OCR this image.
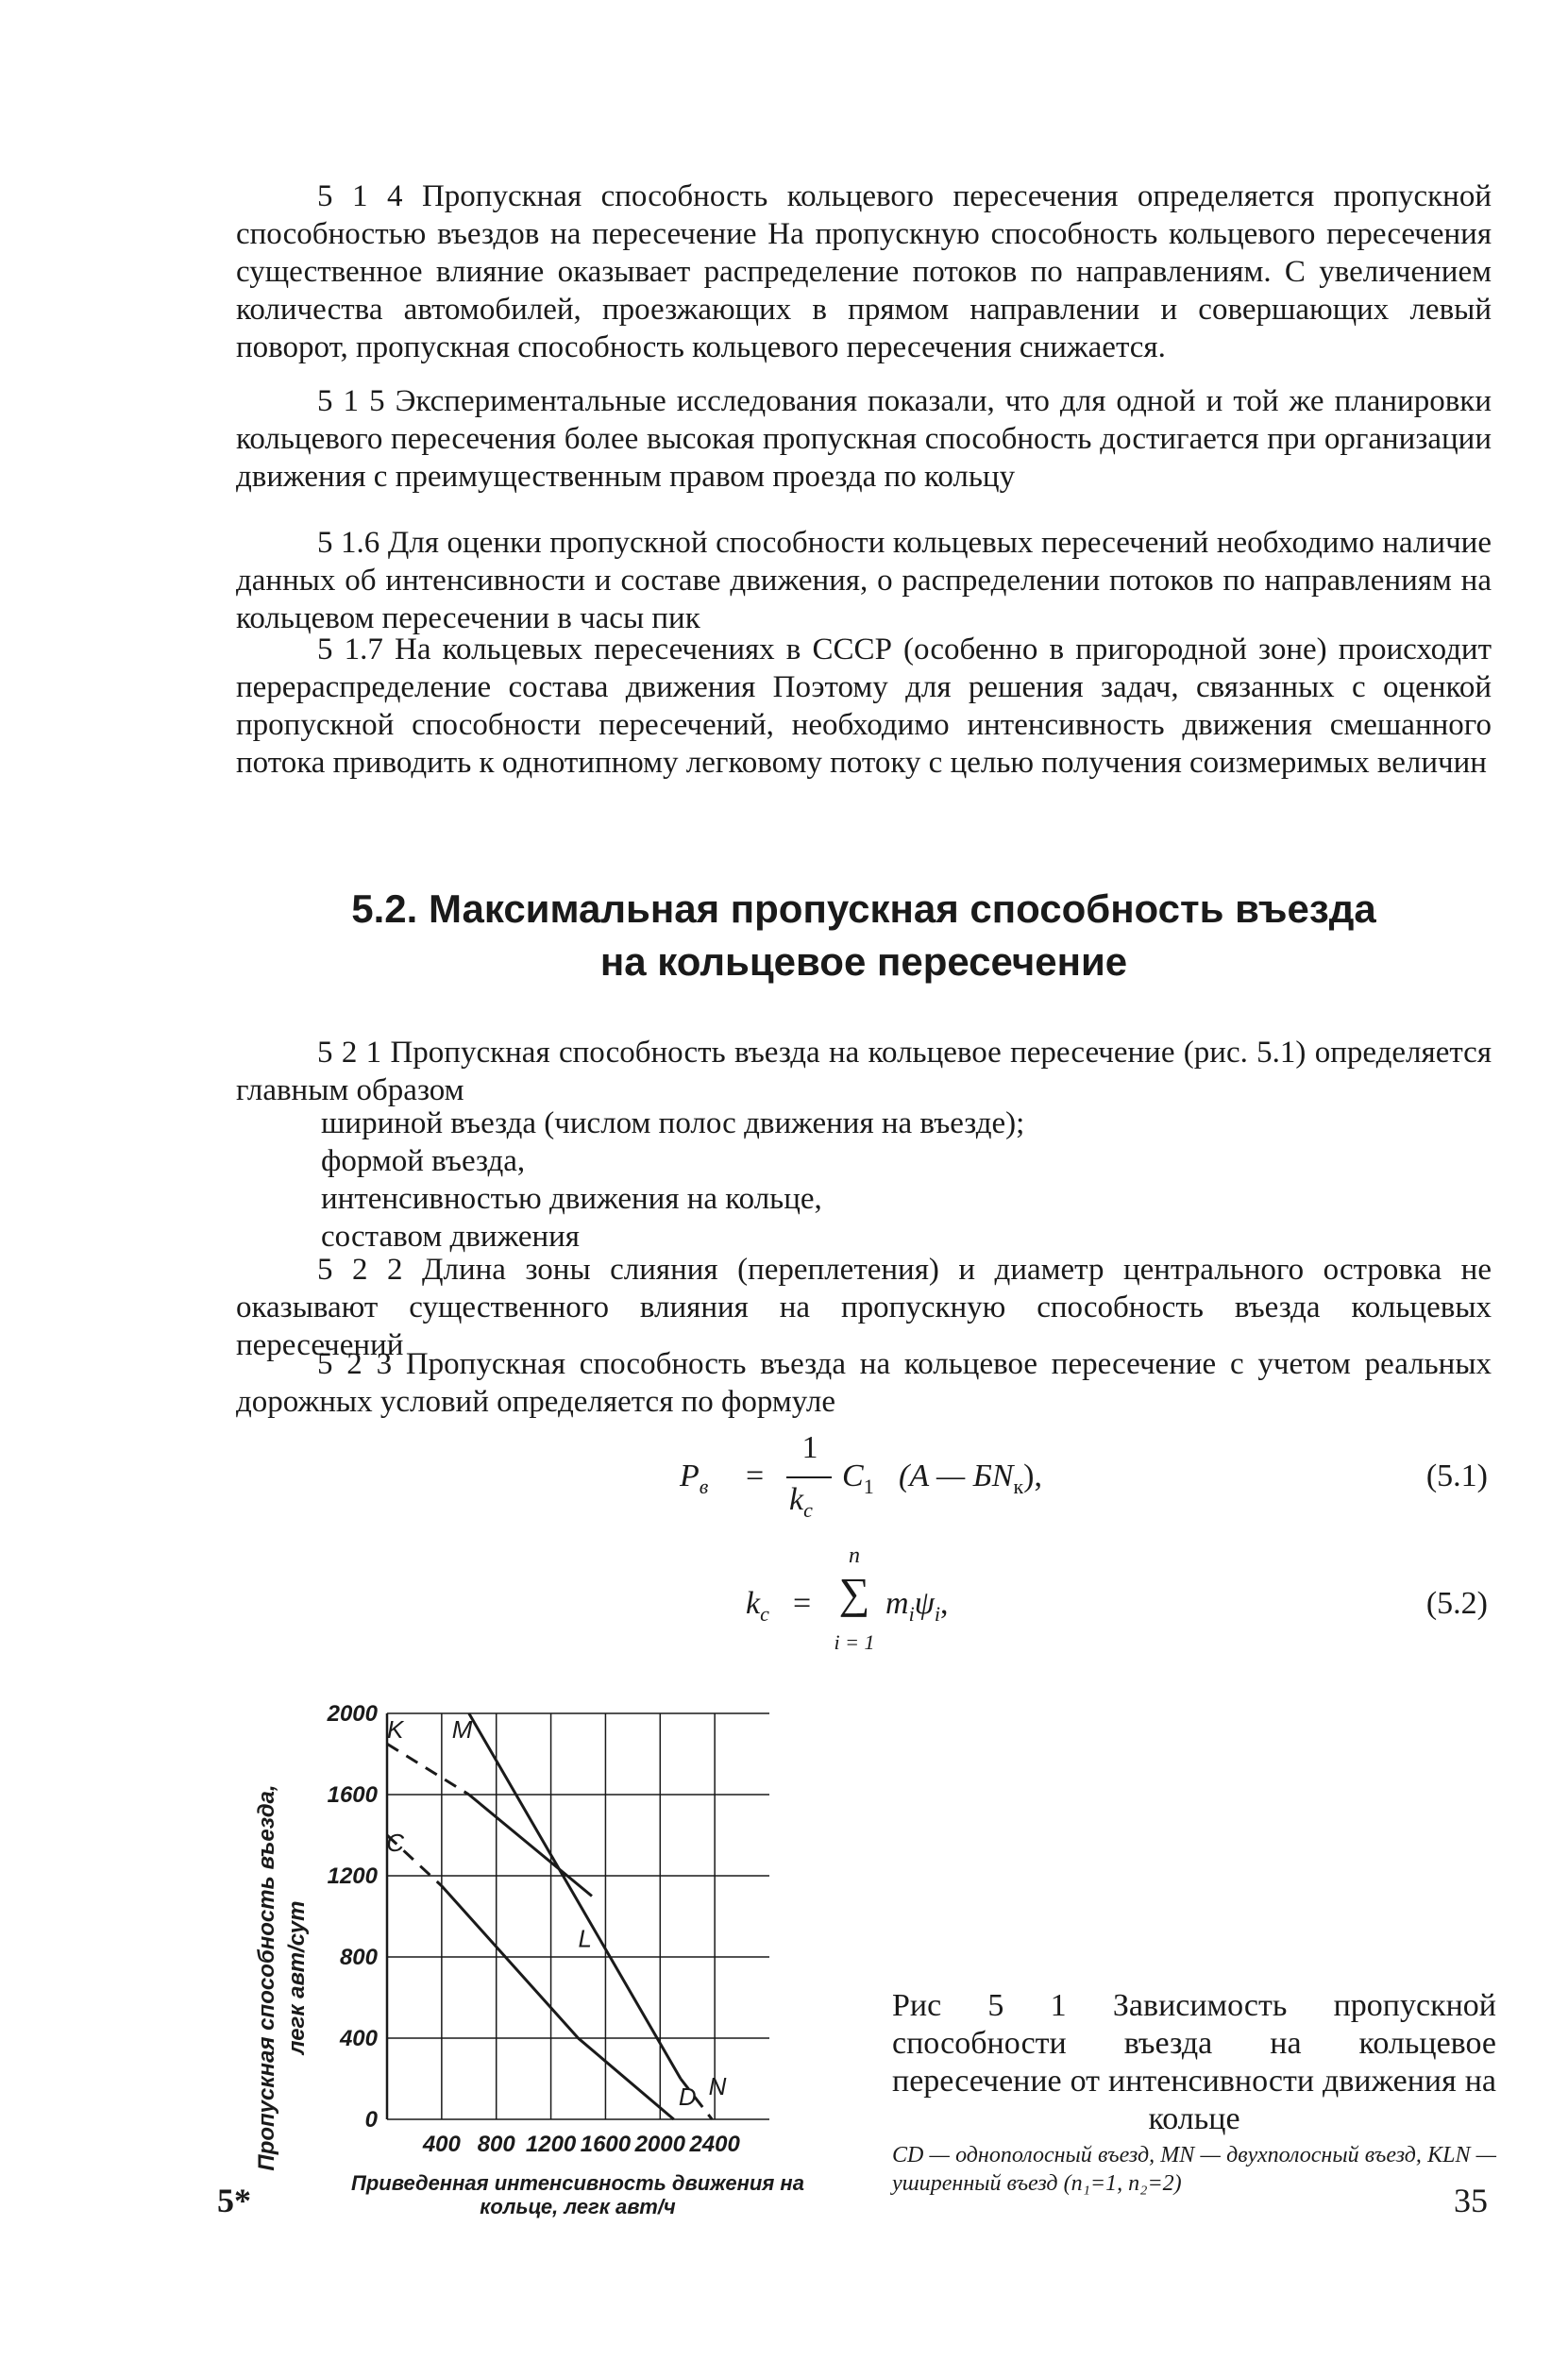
5 1 4 Пропускная способность кольцевого пересечения определяется пропускной способностью въездов на пересечение На пропускную способность кольцевого пересечения существенное влияние оказывает распределение потоков по направлениям. С увеличением количества автомобилей, проезжающих в прямом направлении и совершающих левый поворот, пропускная способность кольцевого пересечения снижается.

5 1 5 Экспериментальные исследования показали, что для одной и той же планировки кольцевого пересечения более высокая пропускная способность достигается при организации движения с преимущественным правом проезда по кольцу

5 1.6 Для оценки пропускной способности кольцевых пересечений необходимо наличие данных об интенсивности и составе движения, о распределении потоков по направлениям на кольцевом пересечении в часы пик

5 1.7 На кольцевых пересечениях в СССР (особенно в пригородной зоне) происходит перераспределение состава движения Поэтому для решения задач, связанных с оценкой пропускной способности пересечений, необходимо интенсивность движения смешанного потока приводить к однотипному легковому потоку с целью получения соизмеримых величин

5.2. Максимальная пропускная способность въезда
на кольцевое пересечение

5 2 1 Пропускная способность въезда на кольцевое пересечение (рис. 5.1) определяется главным образом

шириной въезда (числом полос движения на въезде);

формой въезда,

интенсивностью движения на кольце,

составом движения

5 2 2 Длина зоны слияния (переплетения) и диаметр центрального островка не оказывают существенного влияния на пропускную способность въезда кольцевых пересечений

5 2 3 Пропускная способность въезда на кольцевое пересечение с учетом реальных дорожных условий определяется по формуле

$P_в$ =
1
$k_c$
$C_1$ (A — $БN_к$),	(5.1)
$k_c$ =
n
∑
i = 1
$m_i\psi_i$,	(5.2)
400 800 1200 1600 2000 2400
0
400
800
1200
1600
2000
K M
C
L
D N
Пропускная способность въезда, легк авт/сут
Приведенная интенсивность движения на
кольце, легк авт/ч

Рис 5 1 Зависимость пропускной способности въезда на кольцевое пересечение от интенсивности движения на кольце

CD — однополосный въезд, MN — двухполосный въезд, KLN — уширенный въезд (n₁=1, n₂=2)

5*	35
